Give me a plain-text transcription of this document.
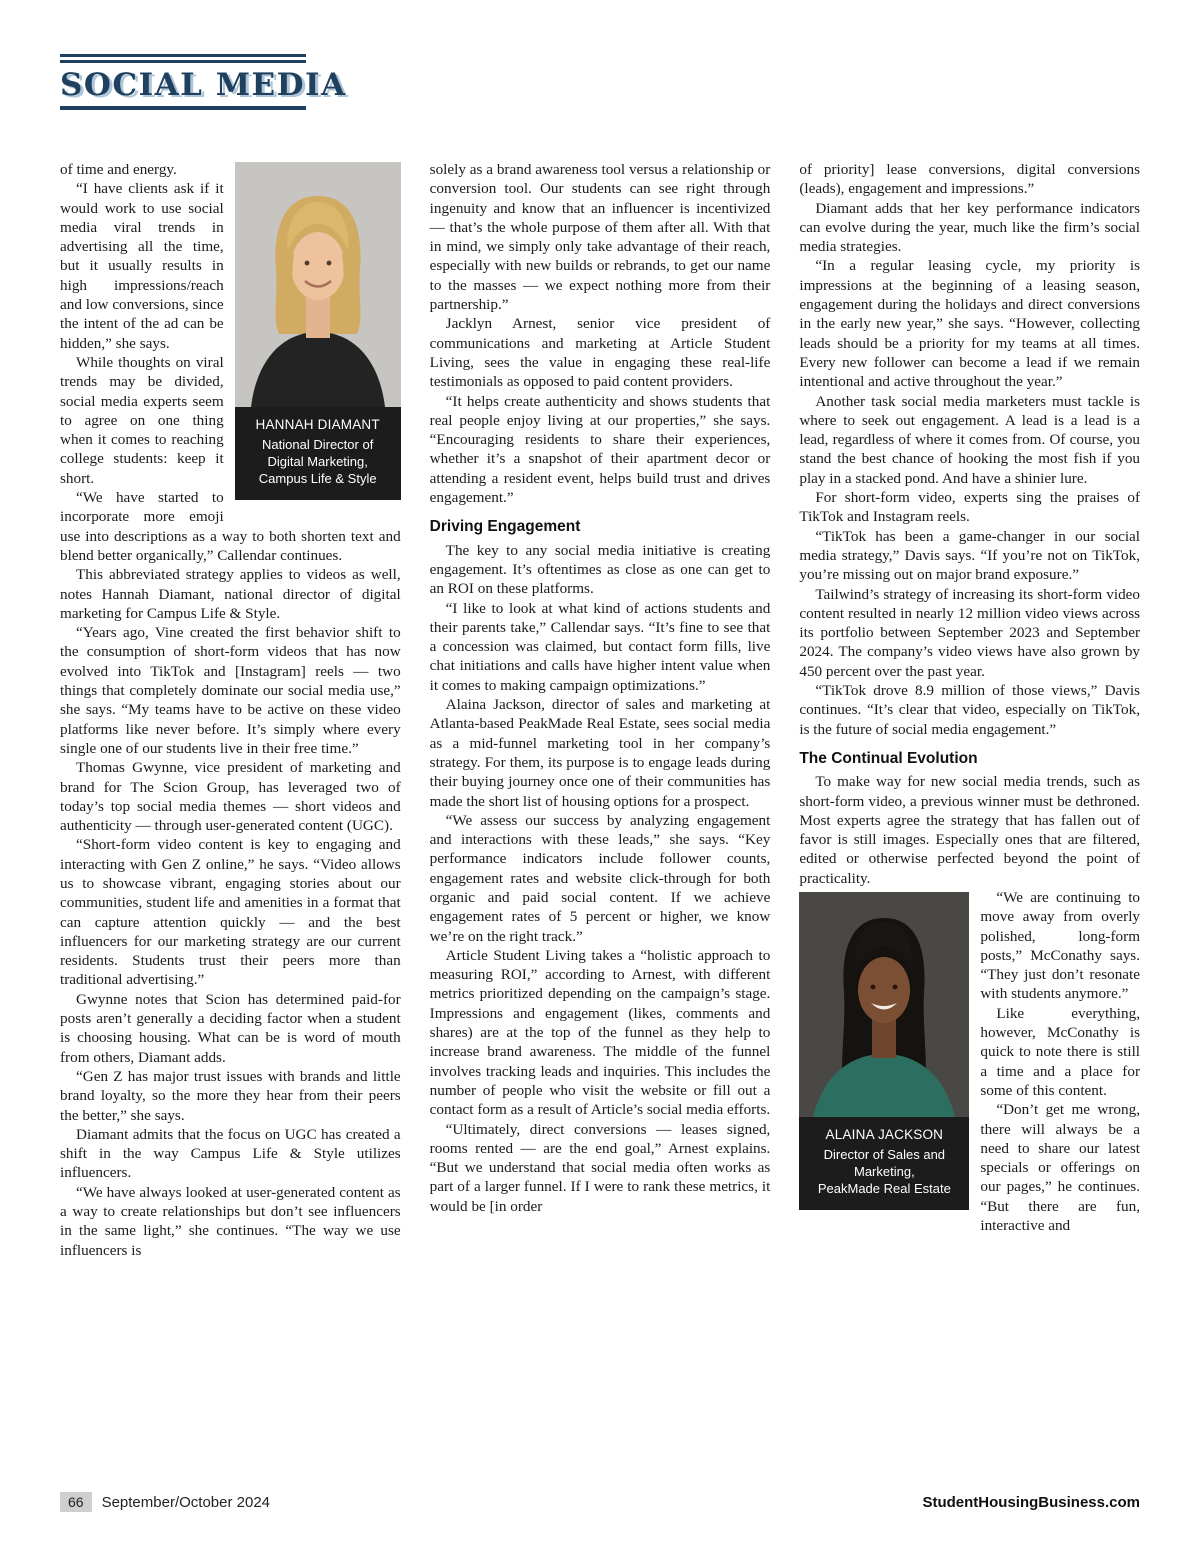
SOCIAL MEDIA
HANNAH DIAMANT
National Director of
Digital Marketing,
Campus Life & Style

of time and energy.

“I have clients ask if it would work to use social media viral trends in advertising all the time, but it usually results in high impressions/reach and low conversions, since the intent of the ad can be hidden,” she says.

While thoughts on viral trends may be divided, social media experts seem to agree on one thing when it comes to reaching college students: keep it short.

“We have started to incorporate more emoji use into descriptions as a way to both shorten text and blend better organically,” Callendar continues.

This abbreviated strategy applies to videos as well, notes Hannah Diamant, national director of digital marketing for Campus Life & Style.

“Years ago, Vine created the first behavior shift to the consumption of short-form videos that has now evolved into TikTok and [Instagram] reels — two things that completely dominate our social media use,” she says. “My teams have to be active on these video platforms like never before. It’s simply where every single one of our students live in their free time.”

Thomas Gwynne, vice president of marketing and brand for The Scion Group, has leveraged two of today’s top social media themes — short videos and authenticity — through user-generated content (UGC).

“Short-form video content is key to engaging and interacting with Gen Z online,” he says. “Video allows us to showcase vibrant, engaging stories about our communities, student life and amenities in a format that can capture attention quickly — and the best influencers for our marketing strategy are our current residents. Students trust their peers more than traditional advertising.”

Gwynne notes that Scion has determined paid-for posts aren’t generally a deciding factor when a student is choosing housing. What can be is word of mouth from others, Diamant adds.

“Gen Z has major trust issues with brands and little brand loyalty, so the more they hear from their peers the better,” she says.

Diamant admits that the focus on UGC has created a shift in the way Campus Life & Style utilizes influencers.

“We have always looked at user-generated content as a way to create relationships but don’t see influencers in the same light,” she continues. “The way we use influencers is

solely as a brand awareness tool versus a relationship or conversion tool. Our students can see right through ingenuity and know that an influencer is incentivized — that’s the whole purpose of them after all. With that in mind, we simply only take advantage of their reach, especially with new builds or rebrands, to get our name to the masses — we expect nothing more from their partnership.”

Jacklyn Arnest, senior vice president of communications and marketing at Article Student Living, sees the value in engaging these real-life testimonials as opposed to paid content providers.

“It helps create authenticity and shows students that real people enjoy living at our properties,” she says. “Encouraging residents to share their experiences, whether it’s a snapshot of their apartment decor or attending a resident event, helps build trust and drives engagement.”

Driving Engagement

The key to any social media initiative is creating engagement. It’s oftentimes as close as one can get to an ROI on these platforms.

“I like to look at what kind of actions students and their parents take,” Callendar says. “It’s fine to see that a concession was claimed, but contact form fills, live chat initiations and calls have higher intent value when it comes to making campaign optimizations.”

Alaina Jackson, director of sales and marketing at Atlanta-based PeakMade Real Estate, sees social media as a mid-funnel marketing tool in her company’s strategy. For them, its purpose is to engage leads during their buying journey once one of their communities has made the short list of housing options for a prospect.

“We assess our success by analyzing engagement and interactions with these leads,” she says. “Key performance indicators include follower counts, engagement rates and website click-through for both organic and paid social content. If we achieve engagement rates of 5 percent or higher, we know we’re on the right track.”

Article Student Living takes a “holistic approach to measuring ROI,” according to Arnest, with different metrics prioritized depending on the campaign’s stage. Impressions and engagement (likes, comments and shares) are at the top of the funnel as they help to increase brand awareness. The middle of the funnel involves tracking leads and inquiries. This includes the number of people who visit the website or fill out a contact form as a result of Article’s social media efforts.

“Ultimately, direct conversions — leases signed, rooms rented — are the end goal,” Arnest explains. “But we understand that social media often works as part of a larger funnel. If I were to rank these metrics, it would be [in order

of priority] lease conversions, digital conversions (leads), engagement and impressions.”

Diamant adds that her key performance indicators can evolve during the year, much like the firm’s social media strategies.

“In a regular leasing cycle, my priority is impressions at the beginning of a leasing season, engagement during the holidays and direct conversions in the early new year,” she says. “However, collecting leads should be a priority for my teams at all times. Every new follower can become a lead if we remain intentional and active throughout the year.”

Another task social media marketers must tackle is where to seek out engagement. A lead is a lead is a lead, regardless of where it comes from. Of course, you stand the best chance of hooking the most fish if you play in a stacked pond. And have a shinier lure.

For short-form video, experts sing the praises of TikTok and Instagram reels.

“TikTok has been a game-changer in our social media strategy,” Davis says. “If you’re not on TikTok, you’re missing out on major brand exposure.”

Tailwind’s strategy of increasing its short-form video content resulted in nearly 12 million video views across its portfolio between September 2023 and September 2024. The company’s video views have also grown by 450 percent over the past year.

“TikTok drove 8.9 million of those views,” Davis continues. “It’s clear that video, especially on TikTok, is the future of social media engagement.”

The Continual Evolution

To make way for new social media trends, such as short-form video, a previous winner must be dethroned. Most experts agree the strategy that has fallen out of favor is still images. Especially ones that are filtered, edited or otherwise perfected beyond the point of practicality.

ALAINA JACKSON
Director of Sales and
Marketing,
PeakMade Real Estate

“We are continuing to move away from overly polished, long-form posts,” McConathy says. “They just don’t resonate with students anymore.”

Like everything, however, McConathy is quick to note there is still a time and a place for some of this content.

“Don’t get me wrong, there will always be a need to share our latest specials or offerings on our pages,” he continues. “But there are fun, interactive and

66	September/October 2024	StudentHousingBusiness.com
